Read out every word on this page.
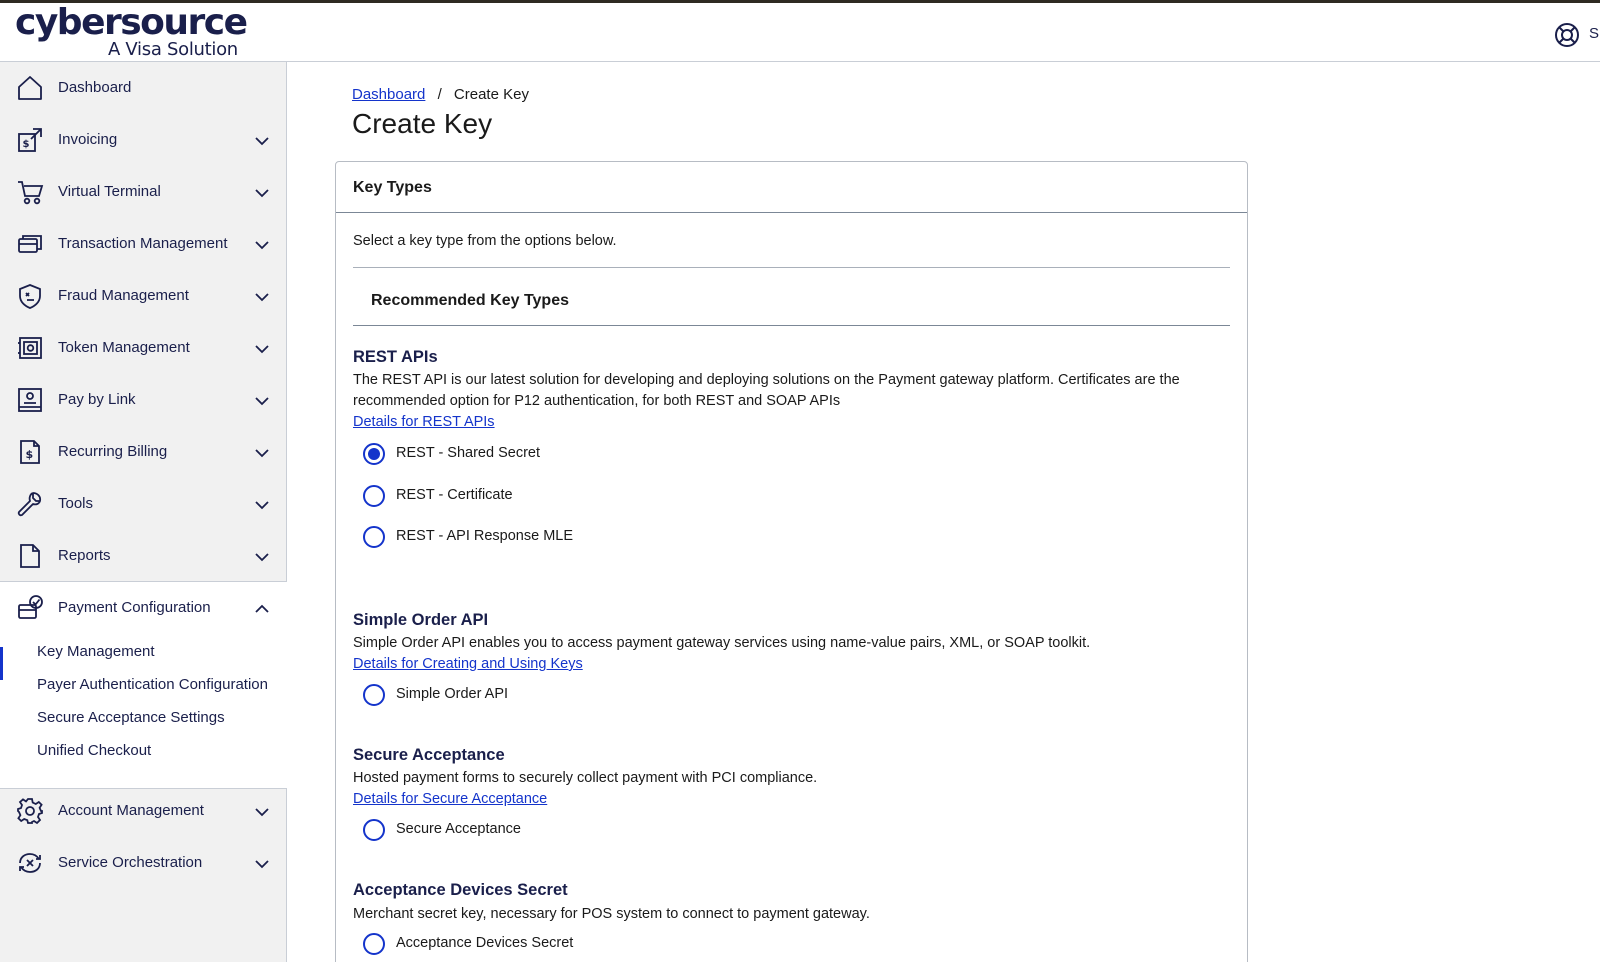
cybersource
A Visa Solution
S
Dashboard
$ Invoicing
Virtual Terminal
Transaction Management
Fraud Management
Token Management
Pay by Link
$ Recurring Billing
Tools
Reports
Payment Configuration
Key Management
Payer Authentication Configuration
Secure Acceptance Settings
Unified Checkout
Account Management
Service Orchestration
Dashboard / Create Key
Create Key
Key Types
Select a key type from the options below.
Recommended Key Types
REST APIs
The REST API is our latest solution for developing and deploying solutions on the Payment gateway platform. Certificates are the recommended option for P12 authentication, for both REST and SOAP APIs
Details for REST APIs
REST - Shared Secret
REST - Certificate
REST - API Response MLE
Simple Order API
Simple Order API enables you to access payment gateway services using name-value pairs, XML, or SOAP toolkit.
Details for Creating and Using Keys
Simple Order API
Secure Acceptance
Hosted payment forms to securely collect payment with PCI compliance.
Details for Secure Acceptance
Secure Acceptance
Acceptance Devices Secret
Merchant secret key, necessary for POS system to connect to payment gateway.
Acceptance Devices Secret
